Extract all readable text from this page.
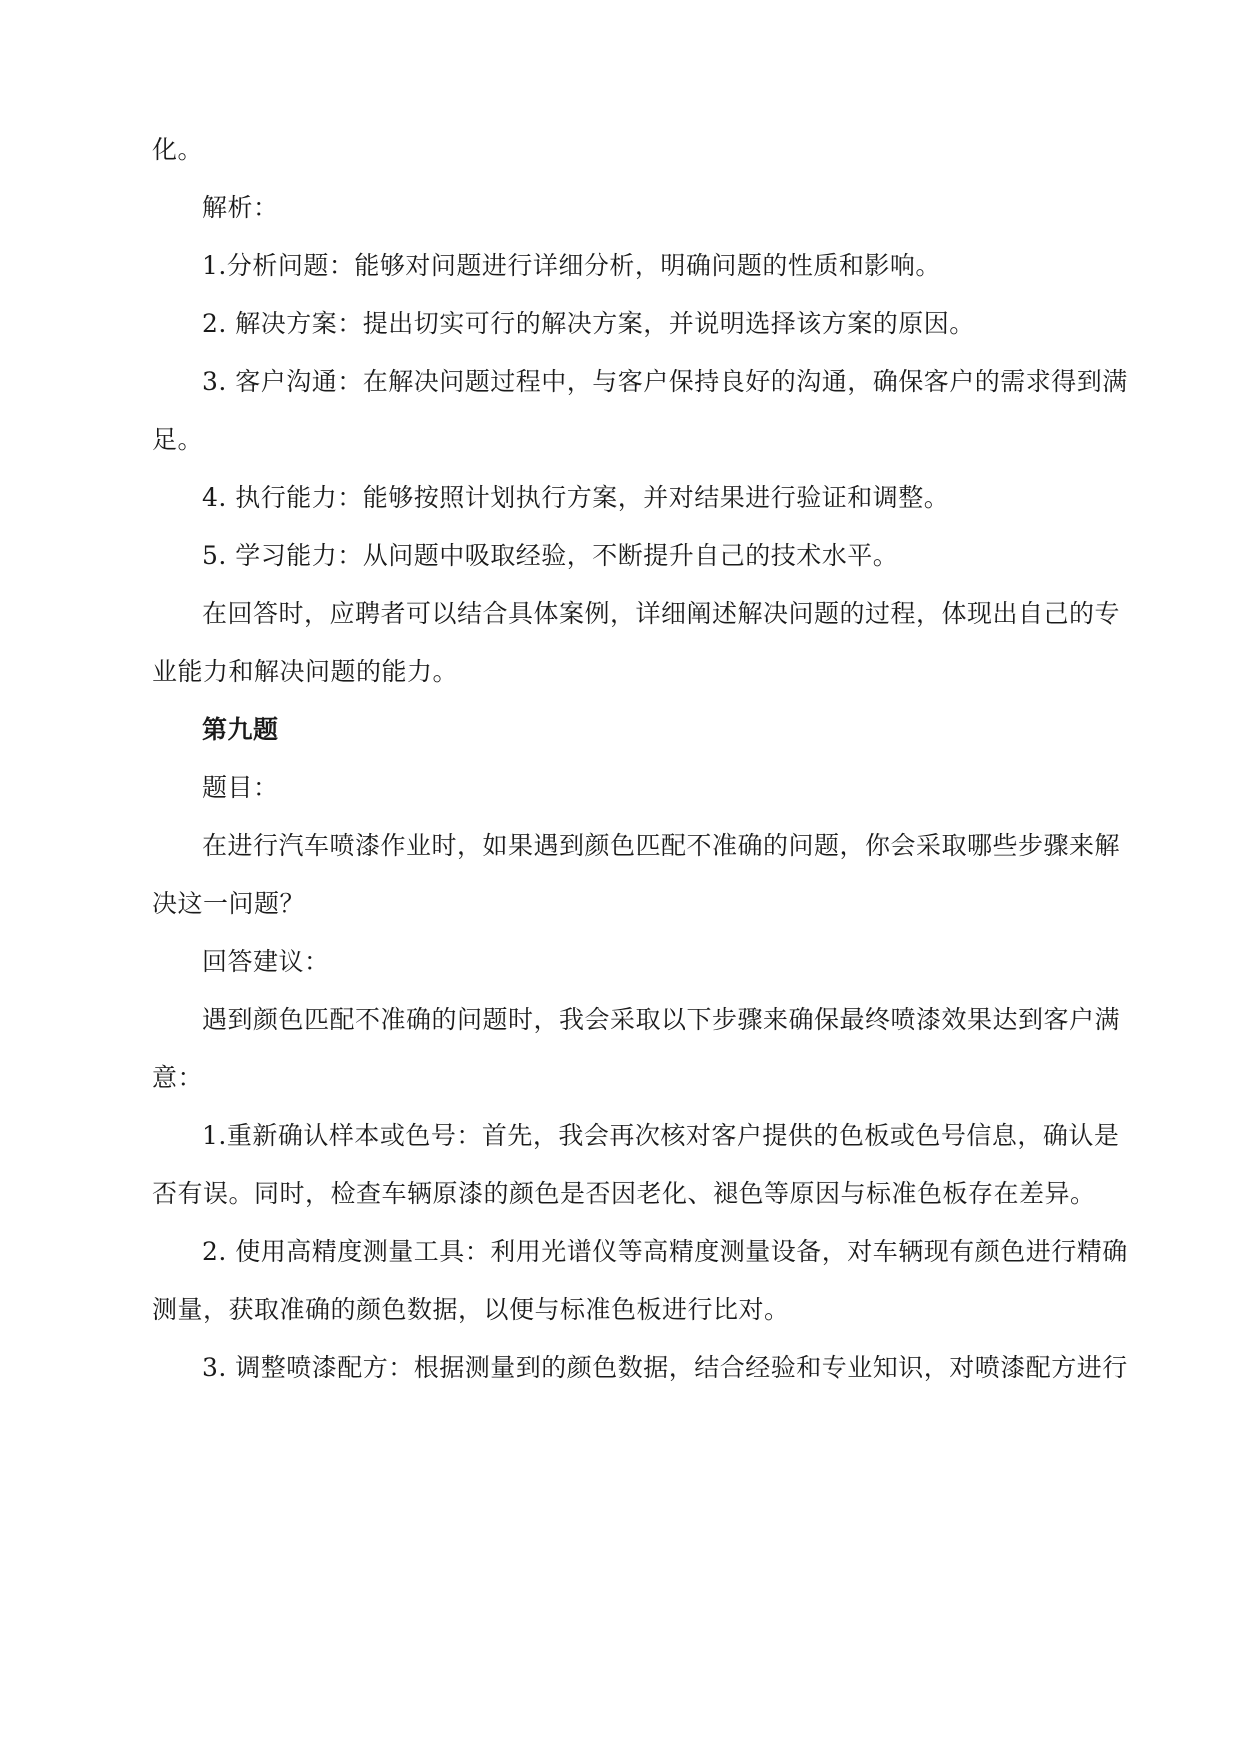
化。
解析：
1.分析问题：能够对问题进行详细分析，明确问题的性质和影响。
2. 解决方案：提出切实可行的解决方案，并说明选择该方案的原因。
3. 客户沟通：在解决问题过程中，与客户保持良好的沟通，确保客户的需求得到满
足。
4. 执行能力：能够按照计划执行方案，并对结果进行验证和调整。
5. 学习能力：从问题中吸取经验，不断提升自己的技术水平。
在回答时，应聘者可以结合具体案例，详细阐述解决问题的过程，体现出自己的专
业能力和解决问题的能力。
第九题
题目：
在进行汽车喷漆作业时，如果遇到颜色匹配不准确的问题，你会采取哪些步骤来解
决这一问题？
回答建议：
遇到颜色匹配不准确的问题时，我会采取以下步骤来确保最终喷漆效果达到客户满
意：
1.重新确认样本或色号：首先，我会再次核对客户提供的色板或色号信息，确认是
否有误。同时，检查车辆原漆的颜色是否因老化、褪色等原因与标准色板存在差异。
2. 使用高精度测量工具：利用光谱仪等高精度测量设备，对车辆现有颜色进行精确
测量，获取准确的颜色数据，以便与标准色板进行比对。
3. 调整喷漆配方：根据测量到的颜色数据，结合经验和专业知识，对喷漆配方进行
